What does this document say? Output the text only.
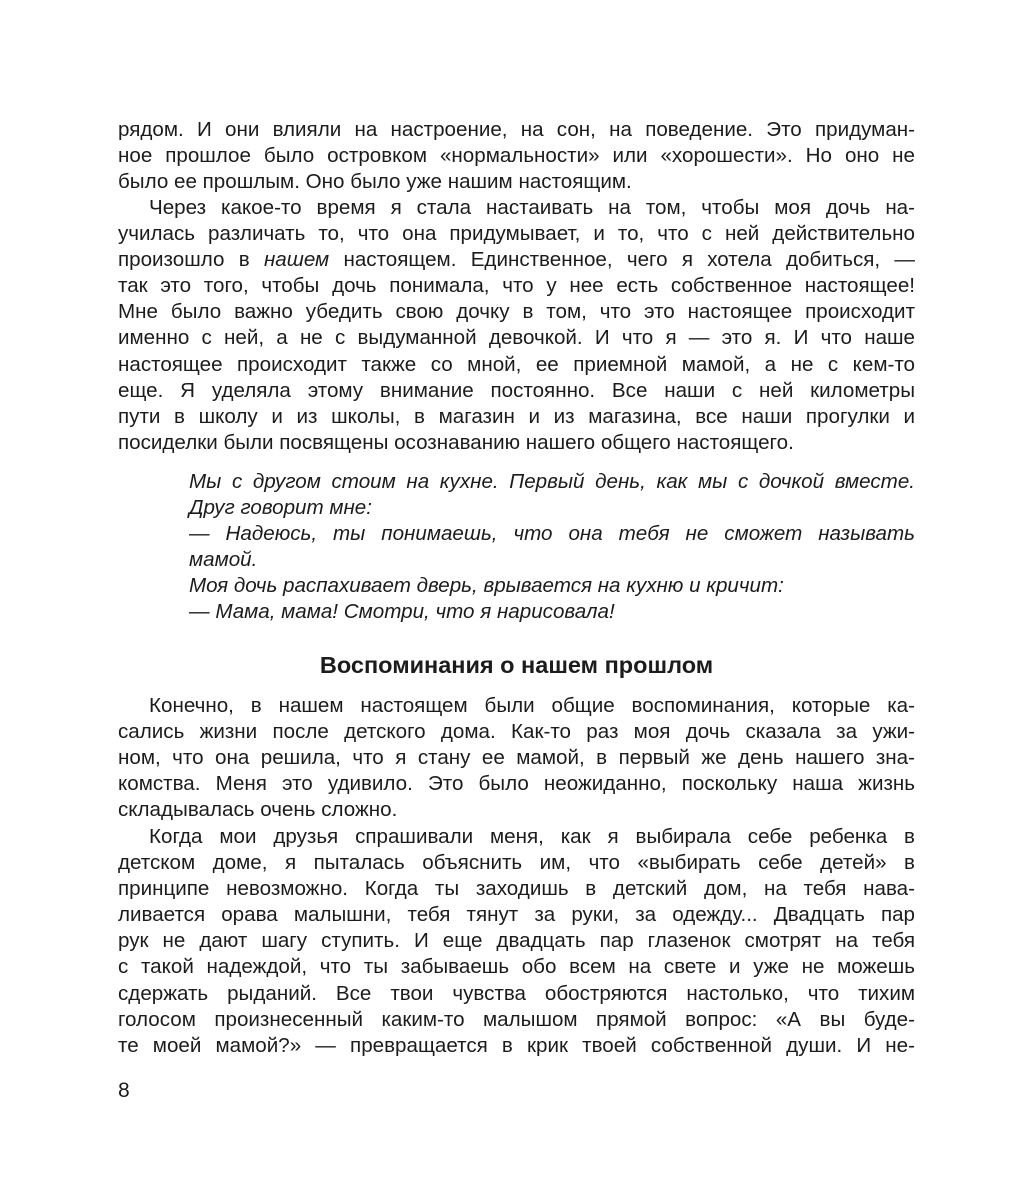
рядом. И они влияли на настроение, на сон, на поведение. Это придуман-
ное прошлое было островком «нормальности» или «хорошести». Но оно не
было ее прошлым. Оно было уже нашим настоящим.
Через какое-то время я стала настаивать на том, чтобы моя дочь на-
училась различать то, что она придумывает, и то, что с ней действительно
произошло в нашем настоящем. Единственное, чего я хотела добиться, —
так это того, чтобы дочь понимала, что у нее есть собственное настоящее!
Мне было важно убедить свою дочку в том, что это настоящее происходит
именно с ней, а не с выдуманной девочкой. И что я — это я. И что наше
настоящее происходит также со мной, ее приемной мамой, а не с кем-то
еще. Я уделяла этому внимание постоянно. Все наши с ней километры
пути в школу и из школы, в магазин и из магазина, все наши прогулки и
посиделки были посвящены осознаванию нашего общего настоящего.
Мы с другом стоим на кухне. Первый день, как мы с дочкой вместе.
Друг говорит мне:
— Надеюсь, ты понимаешь, что она тебя не сможет называть
мамой.
Моя дочь распахивает дверь, врывается на кухню и кричит:
— Мама, мама! Смотри, что я нарисовала!
Воспоминания о нашем прошлом
Конечно, в нашем настоящем были общие воспоминания, которые ка-
сались жизни после детского дома. Как-то раз моя дочь сказала за ужи-
ном, что она решила, что я стану ее мамой, в первый же день нашего зна-
комства. Меня это удивило. Это было неожиданно, поскольку наша жизнь
складывалась очень сложно.
Когда мои друзья спрашивали меня, как я выбирала себе ребенка в
детском доме, я пыталась объяснить им, что «выбирать себе детей» в
принципе невозможно. Когда ты заходишь в детский дом, на тебя нава-
ливается орава малышни, тебя тянут за руки, за одежду... Двадцать пар
рук не дают шагу ступить. И еще двадцать пар глазенок смотрят на тебя
с такой надеждой, что ты забываешь обо всем на свете и уже не можешь
сдержать рыданий. Все твои чувства обостряются настолько, что тихим
голосом произнесенный каким-то малышом прямой вопрос: «А вы буде-
те моей мамой?» — превращается в крик твоей собственной души. И не-
8
